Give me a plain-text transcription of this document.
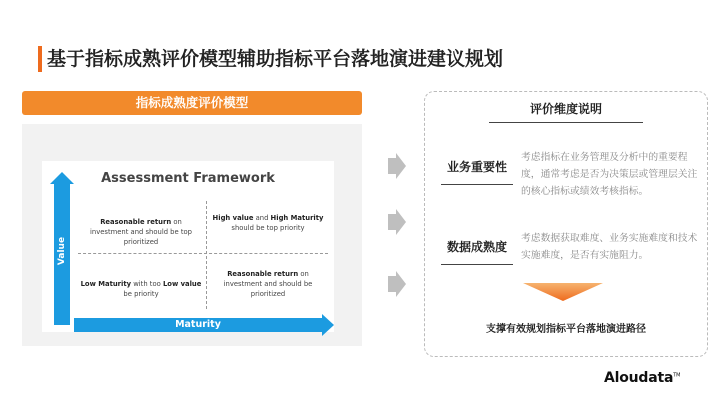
基于指标成熟评价模型辅助指标平台落地演进建议规划
指标成熟度评价模型
Assessment Framework
Value
Reasonable return on investment and should be top prioritized
High value and High Maturity should be top priority
Low Maturity with too Low value be priority
Reasonable return on investment and should be prioritized
Maturity
评价维度说明
业务重要性
考虑指标在业务管理及分析中的重要程度，通常考虑是否为决策层或管理层关注的核心指标或绩效考核指标。
数据成熟度
考虑数据获取难度、业务实施难度和技术实施难度，是否有实施阻力。
支撑有效规划指标平台落地演进路径
Aloudata™
